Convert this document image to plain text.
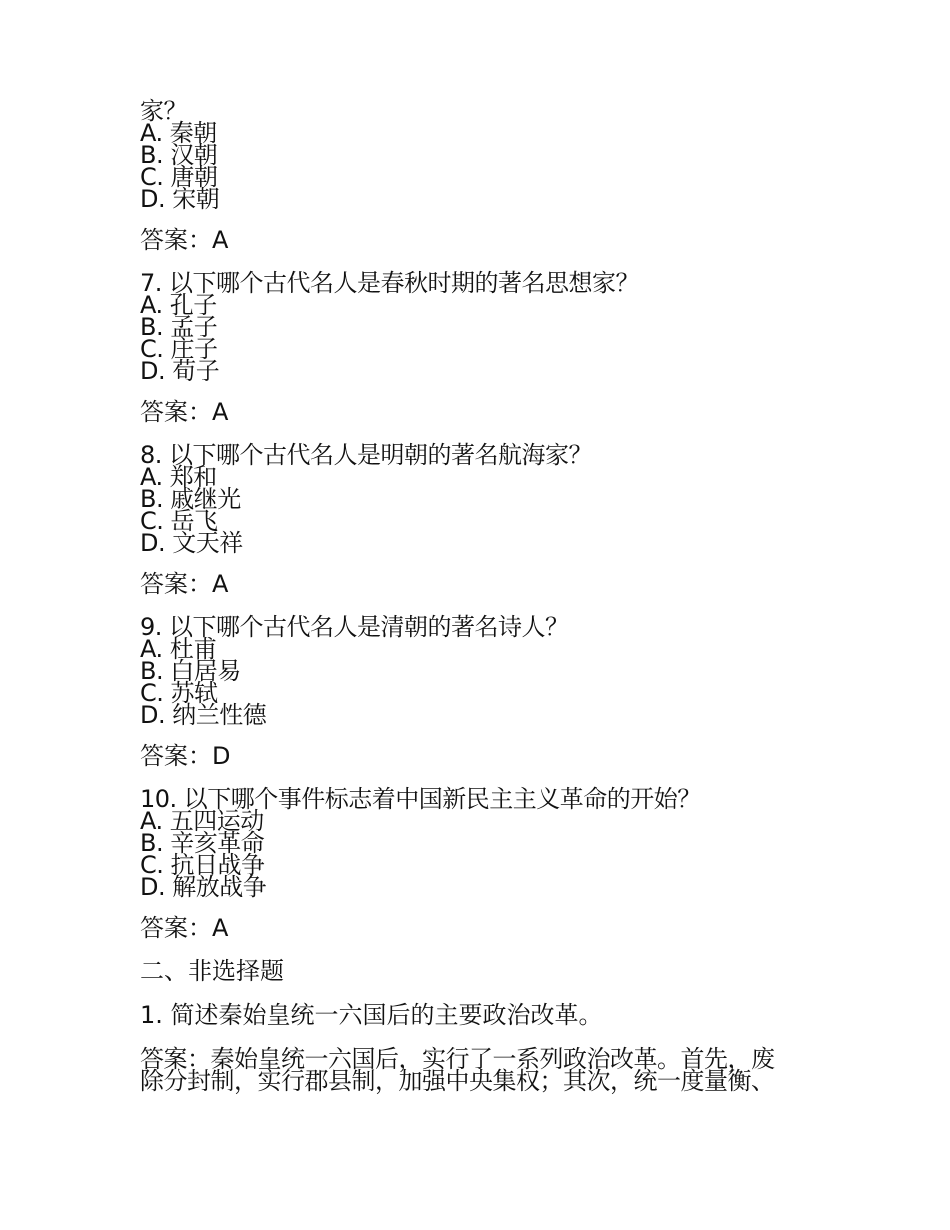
家？
A. 秦朝
B. 汉朝
C. 唐朝
D. 宋朝
答案：A
7. 以下哪个古代名人是春秋时期的著名思想家？
A. 孔子
B. 孟子
C. 庄子
D. 荀子
答案：A
8. 以下哪个古代名人是明朝的著名航海家？
A. 郑和
B. 戚继光
C. 岳飞
D. 文天祥
答案：A
9. 以下哪个古代名人是清朝的著名诗人？
A. 杜甫
B. 白居易
C. 苏轼
D. 纳兰性德
答案：D
10. 以下哪个事件标志着中国新民主主义革命的开始？
A. 五四运动
B. 辛亥革命
C. 抗日战争
D. 解放战争
答案：A
二、非选择题
1. 简述秦始皇统一六国后的主要政治改革。
答案：秦始皇统一六国后，实行了一系列政治改革。首先，废
除分封制，实行郡县制，加强中央集权；其次，统一度量衡、
